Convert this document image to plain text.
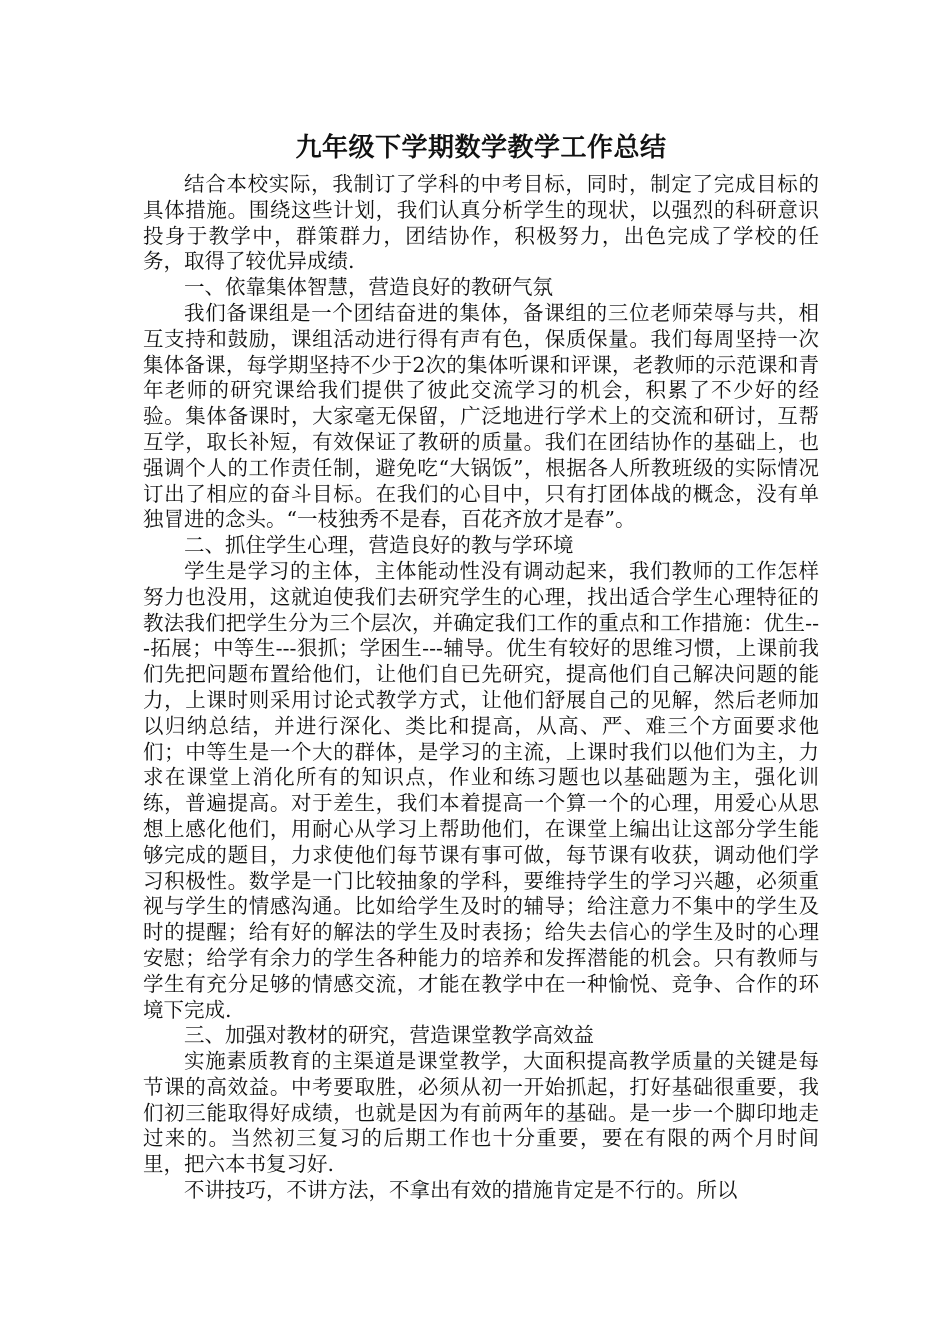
九年级下学期数学教学工作总结

结合本校实际，我制订了学科的中考目标，同时，制定了完成目标的具体措施。围绕这些计划，我们认真分析学生的现状，以强烈的科研意识投身于教学中，群策群力，团结协作，积极努力，出色完成了学校的任务，取得了较优异成绩.

一、依靠集体智慧，营造良好的教研气氛

我们备课组是一个团结奋进的集体，备课组的三位老师荣辱与共，相互支持和鼓励，课组活动进行得有声有色，保质保量。我们每周坚持一次集体备课，每学期坚持不少于2次的集体听课和评课，老教师的示范课和青年老师的研究课给我们提供了彼此交流学习的机会，积累了不少好的经验。集体备课时，大家毫无保留，广泛地进行学术上的交流和研讨，互帮互学，取长补短，有效保证了教研的质量。我们在团结协作的基础上，也强调个人的工作责任制，避免吃“大锅饭”，根据各人所教班级的实际情况订出了相应的奋斗目标。在我们的心目中，只有打团体战的概念，没有单独冒进的念头。“一枝独秀不是春，百花齐放才是春”。

二、抓住学生心理，营造良好的教与学环境

学生是学习的主体，主体能动性没有调动起来，我们教师的工作怎样努力也没用，这就迫使我们去研究学生的心理，找出适合学生心理特征的教法我们把学生分为三个层次，并确定我们工作的重点和工作措施：优生---拓展；中等生---狠抓；学困生---辅导。优生有较好的思维习惯，上课前我们先把问题布置给他们，让他们自已先研究，提高他们自己解决问题的能力，上课时则采用讨论式教学方式，让他们舒展自己的见解，然后老师加以归纳总结，并进行深化、类比和提高，从高、严、难三个方面要求他们；中等生是一个大的群体，是学习的主流，上课时我们以他们为主，力求在课堂上消化所有的知识点，作业和练习题也以基础题为主，强化训练，普遍提高。对于差生，我们本着提高一个算一个的心理，用爱心从思想上感化他们，用耐心从学习上帮助他们，在课堂上编出让这部分学生能够完成的题目，力求使他们每节课有事可做，每节课有收获，调动他们学习积极性。数学是一门比较抽象的学科，要维持学生的学习兴趣，必须重视与学生的情感沟通。比如给学生及时的辅导；给注意力不集中的学生及时的提醒；给有好的解法的学生及时表扬；给失去信心的学生及时的心理安慰；给学有余力的学生各种能力的培养和发挥潜能的机会。只有教师与学生有充分足够的情感交流，才能在教学中在一种愉悦、竞争、合作的环境下完成.

三、加强对教材的研究，营造课堂教学高效益

实施素质教育的主渠道是课堂教学，大面积提高教学质量的关键是每节课的高效益。中考要取胜，必须从初一开始抓起，打好基础很重要，我们初三能取得好成绩，也就是因为有前两年的基础。是一步一个脚印地走过来的。当然初三复习的后期工作也十分重要，要在有限的两个月时间里，把六本书复习好.

不讲技巧，不讲方法，不拿出有效的措施肯定是不行的。所以
